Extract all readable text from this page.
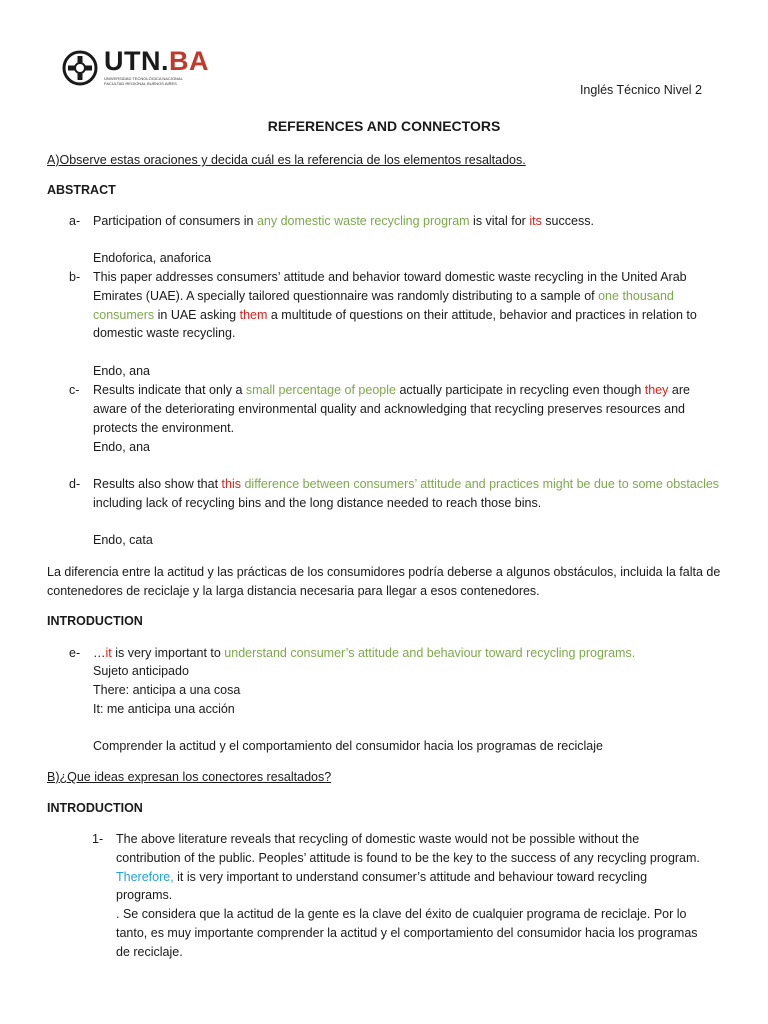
UTN.BA
UNIVERSIDAD TECNOLÓGICA NACIONAL
FACULTAD REGIONAL BUENOS AIRES	Inglés Técnico Nivel 2
REFERENCES AND CONNECTORS
A)Observe estas oraciones y decida cuál es la referencia de los elementos resaltados.
ABSTRACT
a- Participation of consumers in any domestic waste recycling program is vital for its success.
Endoforica, anaforica
b- This paper addresses consumers’ attitude and behavior toward domestic waste recycling in the United Arab Emirates (UAE). A specially tailored questionnaire was randomly distributing to a sample of one thousand consumers in UAE asking them a multitude of questions on their attitude, behavior and practices in relation to domestic waste recycling.
Endo, ana
c- Results indicate that only a small percentage of people actually participate in recycling even though they are aware of the deteriorating environmental quality and acknowledging that recycling preserves resources and protects the environment.
Endo, ana
d- Results also show that this difference between consumers’ attitude and practices might be due to some obstacles including lack of recycling bins and the long distance needed to reach those bins.
Endo, cata
La diferencia entre la actitud y las prácticas de los consumidores podría deberse a algunos obstáculos, incluida la falta de contenedores de reciclaje y la larga distancia necesaria para llegar a esos contenedores.
INTRODUCTION
e- …it is very important to understand consumer’s attitude and behaviour toward recycling programs.
Sujeto anticipado
There: anticipa a una cosa
It: me anticipa una acción
Comprender la actitud y el comportamiento del consumidor hacia los programas de reciclaje
B)¿Que ideas expresan los conectores resaltados?
INTRODUCTION
1- The above literature reveals that recycling of domestic waste would not be possible without the contribution of the public. Peoples’ attitude is found to be the key to the success of any recycling program. Therefore, it is very important to understand consumer’s attitude and behaviour toward recycling programs.
. Se considera que la actitud de la gente es la clave del éxito de cualquier programa de reciclaje. Por lo tanto, es muy importante comprender la actitud y el comportamiento del consumidor hacia los programas de reciclaje.
